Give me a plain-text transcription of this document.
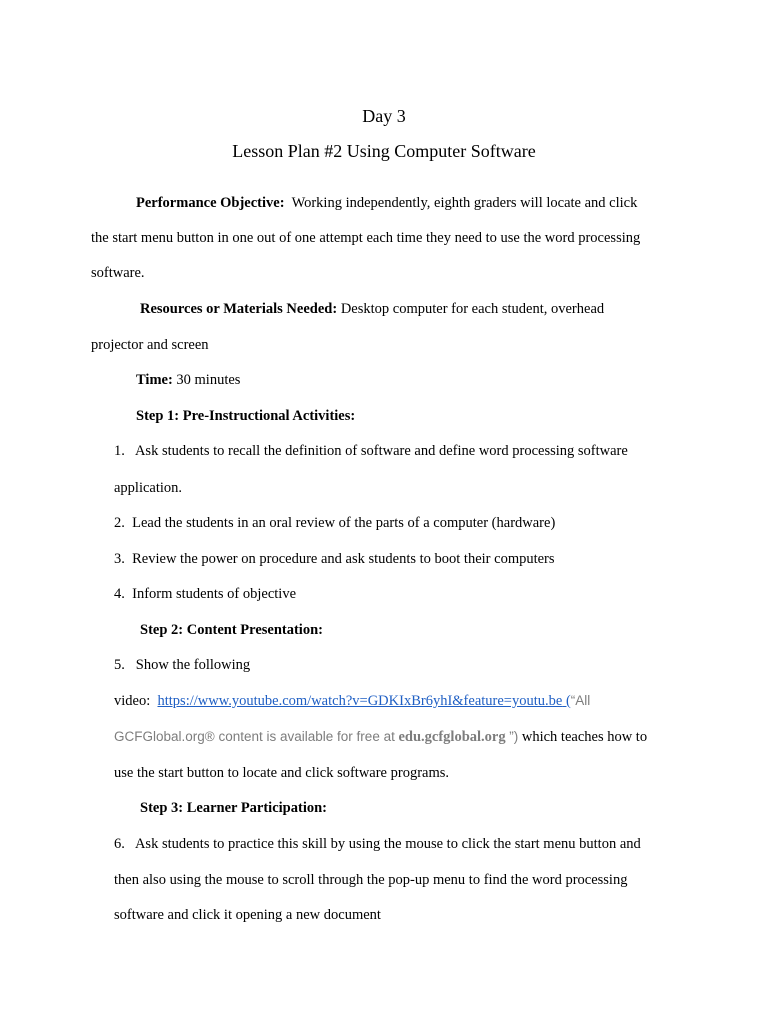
Day 3

Lesson Plan #2 Using Computer Software

Performance Objective: Working independently, eighth graders will locate and click

the start menu button in one out of one attempt each time they need to use the word processing

software.

Resources or Materials Needed: Desktop computer for each student, overhead

projector and screen

Time: 30 minutes

Step 1: Pre-Instructional Activities:

1. Ask students to recall the definition of software and define word processing software

application.

2. Lead the students in an oral review of the parts of a computer (hardware)

3. Review the power on procedure and ask students to boot their computers

4. Inform students of objective

Step 2: Content Presentation:

5. Show the following

video: https://www.youtube.com/watch?v=GDKIxBr6yhI&feature=youtu.be (“All

GCFGlobal.org® content is available for free at edu.gcfglobal.org ”) which teaches how to

use the start button to locate and click software programs.

Step 3: Learner Participation:

6. Ask students to practice this skill by using the mouse to click the start menu button and

then also using the mouse to scroll through the pop-up menu to find the word processing

software and click it opening a new document
